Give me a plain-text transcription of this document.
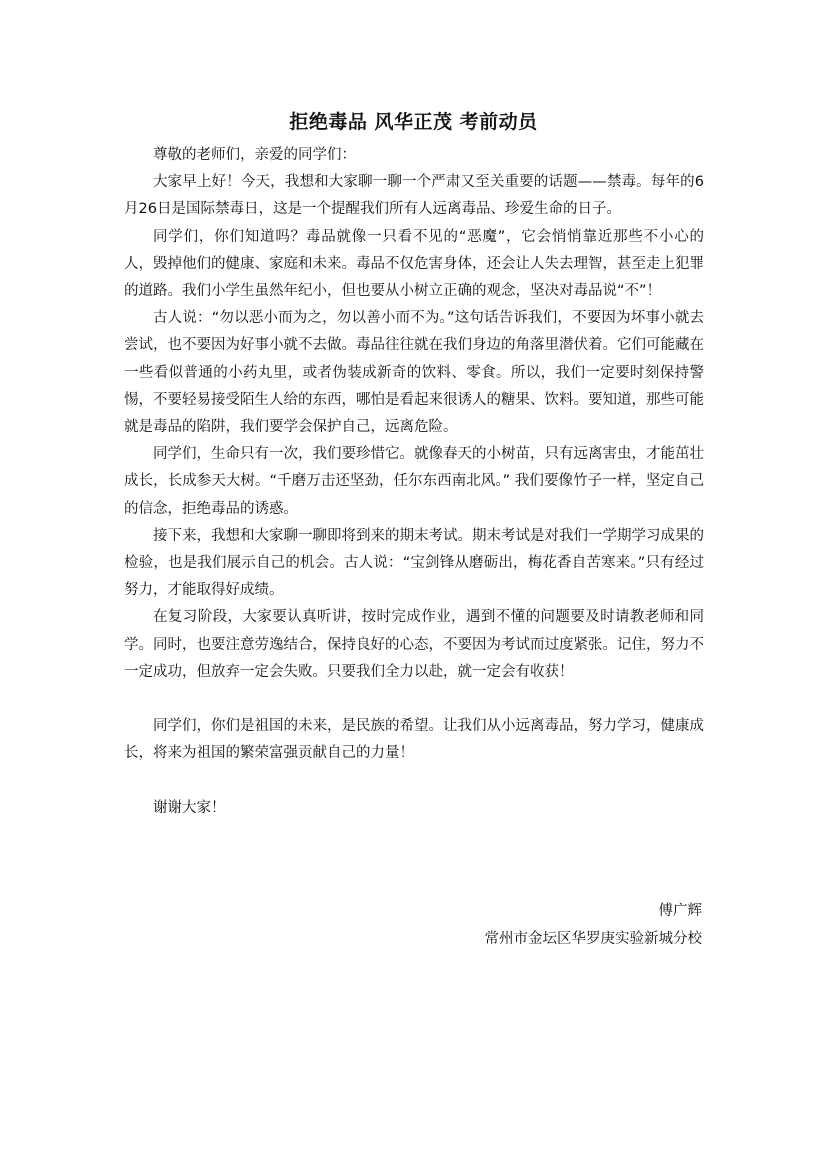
拒绝毒品 风华正茂 考前动员

尊敬的老师们，亲爱的同学们：

大家早上好！今天，我想和大家聊一聊一个严肃又至关重要的话题——禁毒。每年的6月26日是国际禁毒日，这是一个提醒我们所有人远离毒品、珍爱生命的日子。

同学们，你们知道吗？毒品就像一只看不见的“恶魔”，它会悄悄靠近那些不小心的人，毁掉他们的健康、家庭和未来。毒品不仅危害身体，还会让人失去理智，甚至走上犯罪的道路。我们小学生虽然年纪小，但也要从小树立正确的观念，坚决对毒品说“不”！

古人说：“勿以恶小而为之，勿以善小而不为。”这句话告诉我们，不要因为坏事小就去尝试，也不要因为好事小就不去做。毒品往往就在我们身边的角落里潜伏着。它们可能藏在一些看似普通的小药丸里，或者伪装成新奇的饮料、零食。所以，我们一定要时刻保持警惕，不要轻易接受陌生人给的东西，哪怕是看起来很诱人的糖果、饮料。要知道，那些可能就是毒品的陷阱，我们要学会保护自己，远离危险。

同学们，生命只有一次，我们要珍惜它。就像春天的小树苗，只有远离害虫，才能茁壮成长，长成参天大树。“千磨万击还坚劲，任尔东西南北风。” 我们要像竹子一样，坚定自己的信念，拒绝毒品的诱惑。

接下来，我想和大家聊一聊即将到来的期末考试。期末考试是对我们一学期学习成果的检验，也是我们展示自己的机会。古人说：“宝剑锋从磨砺出，梅花香自苦寒来。”只有经过努力，才能取得好成绩。

在复习阶段，大家要认真听讲，按时完成作业，遇到不懂的问题要及时请教老师和同学。同时，也要注意劳逸结合，保持良好的心态，不要因为考试而过度紧张。记住，努力不一定成功，但放弃一定会失败。只要我们全力以赴，就一定会有收获！

同学们，你们是祖国的未来，是民族的希望。让我们从小远离毒品，努力学习，健康成长，将来为祖国的繁荣富强贡献自己的力量！

谢谢大家！

傅广辉
常州市金坛区华罗庚实验新城分校
